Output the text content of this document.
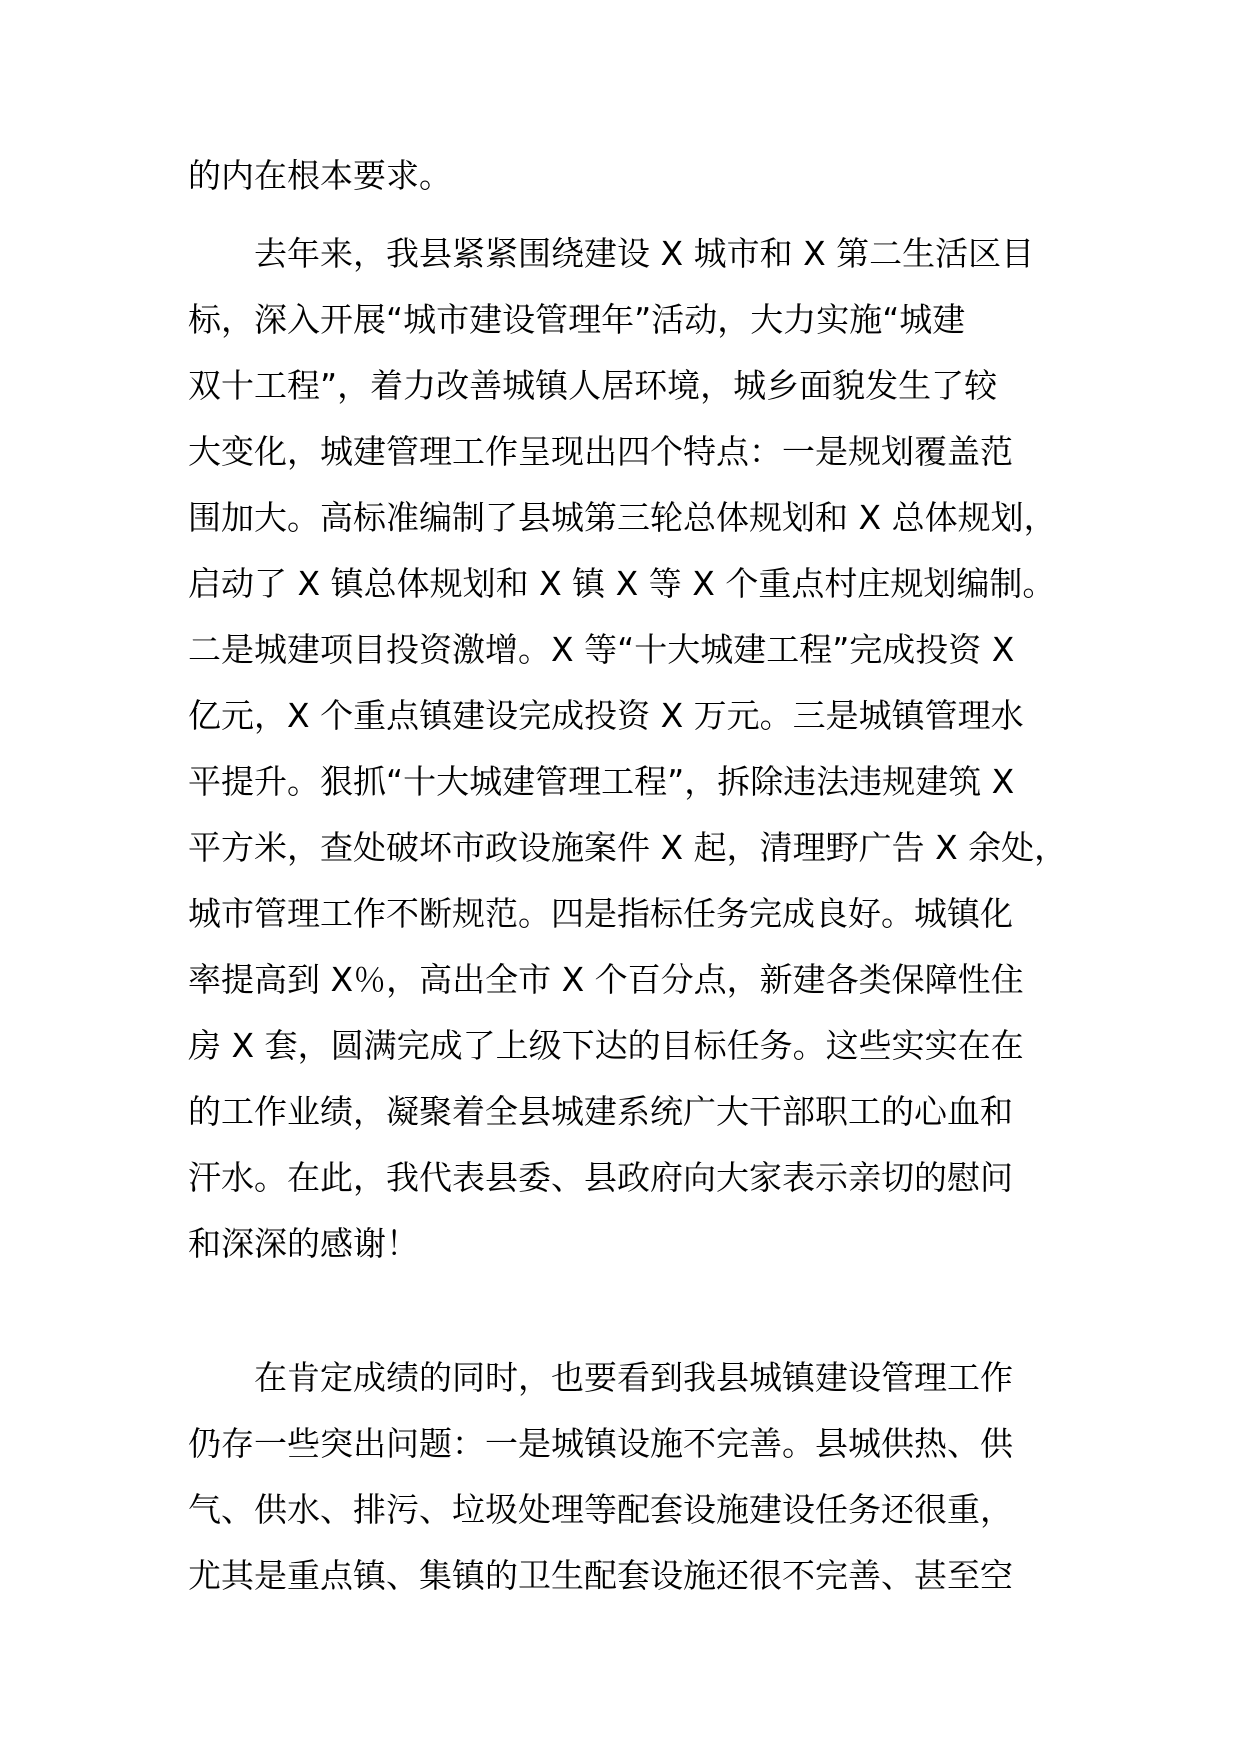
的内在根本要求。
去年来，我县紧紧围绕建设 X 城市和 X 第二生活区目
标，深入开展“城市建设管理年”活动，大力实施“城建
双十工程”，着力改善城镇人居环境，城乡面貌发生了较
大变化，城建管理工作呈现出四个特点：一是规划覆盖范
围加大。高标准编制了县城第三轮总体规划和 X 总体规划，
启动了 X 镇总体规划和 X 镇 X 等 X 个重点村庄规划编制。
二是城建项目投资激增。X 等“十大城建工程”完成投资 X
亿元，X 个重点镇建设完成投资 X 万元。三是城镇管理水
平提升。狠抓“十大城建管理工程”，拆除违法违规建筑 X
平方米，查处破坏市政设施案件 X 起，清理野广告 X 余处，
城市管理工作不断规范。四是指标任务完成良好。城镇化
率提高到 X％，高出全市 X 个百分点，新建各类保障性住
房 X 套，圆满完成了上级下达的目标任务。这些实实在在
的工作业绩，凝聚着全县城建系统广大干部职工的心血和
汗水。在此，我代表县委、县政府向大家表示亲切的慰问
和深深的感谢！
在肯定成绩的同时，也要看到我县城镇建设管理工作
仍存一些突出问题：一是城镇设施不完善。县城供热、供
气、供水、排污、垃圾处理等配套设施建设任务还很重，
尤其是重点镇、集镇的卫生配套设施还很不完善、甚至空
